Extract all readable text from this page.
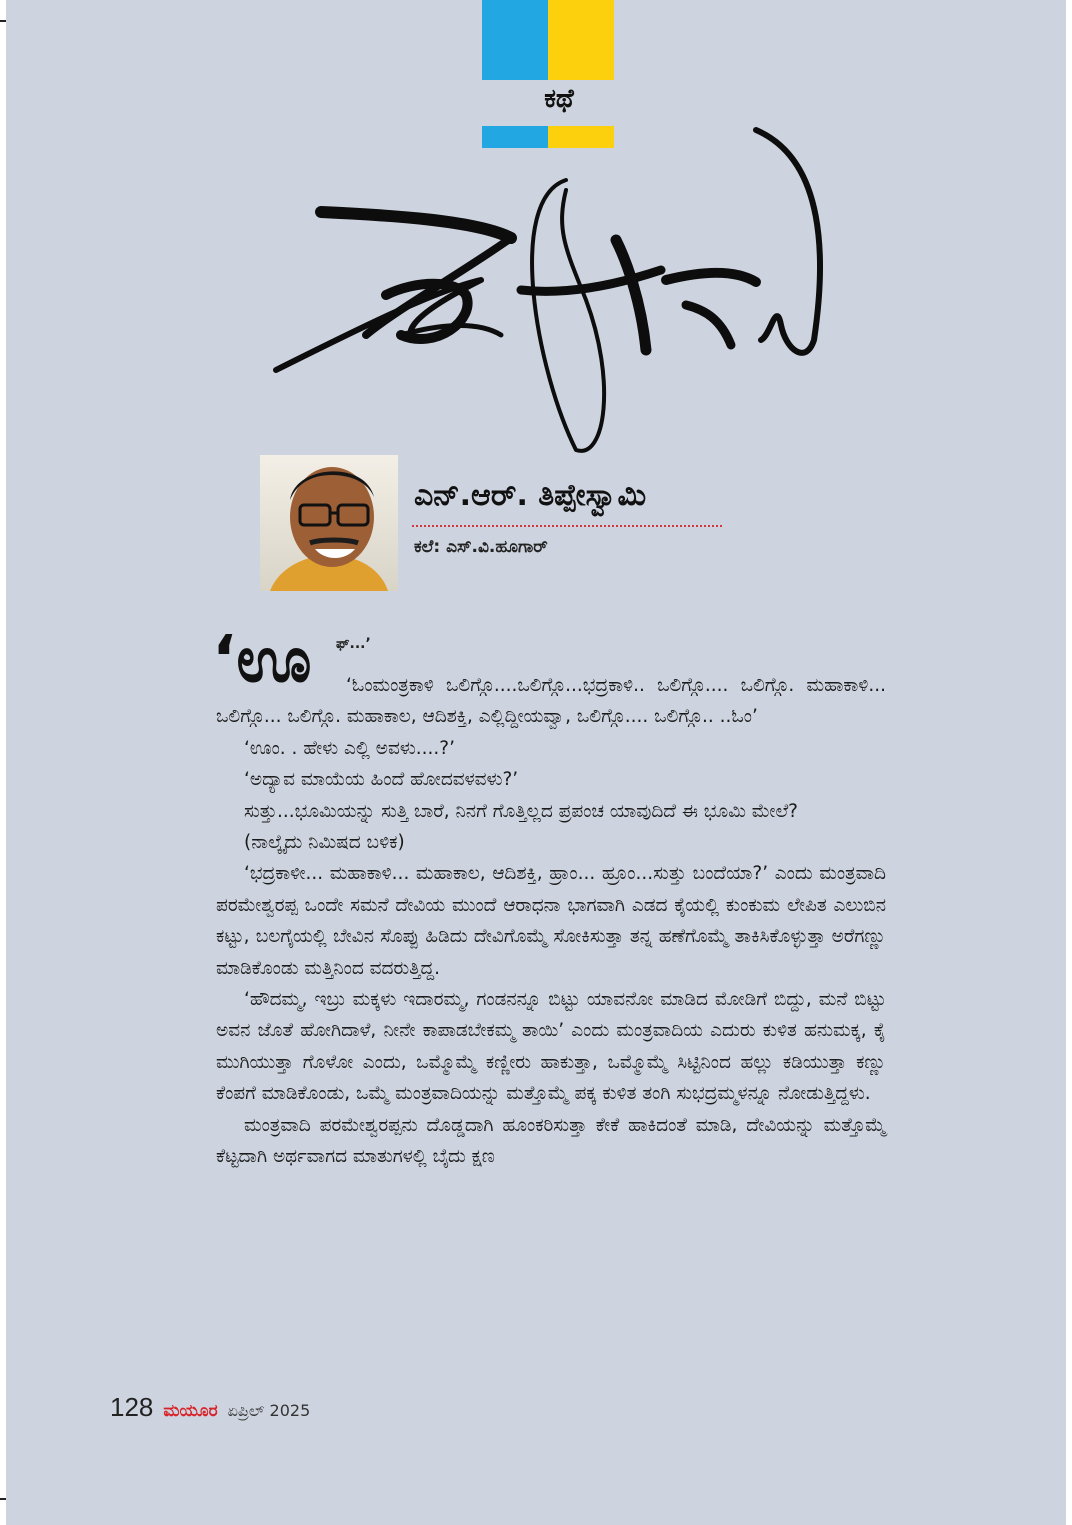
ಕಥೆ
ಎನ್‌.ಆರ್‌. ತಿಪ್ಪೇಸ್ವಾಮಿ
ಕಲೆ: ಎಸ್‌.ವಿ.ಹೂಗಾರ್
‘ಊ ಫ್‌...’

‘ಓಂಮಂತ್ರಕಾಳಿ ಒಲಿಗ್ಗೊ....ಒಲಿಗ್ಗೊ...ಭದ್ರಕಾಳಿ.. ಒಲಿಗ್ಗೊ.... ಒಲಿಗ್ಗೊ. ಮಹಾಕಾಳಿ... ಒಲಿಗ್ಗೊ... ಒಲಿಗ್ಗೊ. ಮಹಾಕಾಲ, ಆದಿಶಕ್ತಿ, ಎಲ್ಲಿದ್ದೀಯವ್ವಾ, ಒಲಿಗ್ಗೊ.... ಒಲಿಗ್ಗೊ.. ..ಓಂ’

‘ಊಂ. . ಹೇಳು ಎಲ್ಲಿ ಅವಳು....?’

‘ಅದ್ಯಾವ ಮಾಯೆಯ ಹಿಂದೆ ಹೋದವಳವಳು?’

ಸುತ್ತು...ಭೂಮಿಯನ್ನು ಸುತ್ತಿ ಬಾರೆ, ನಿನಗೆ ಗೊತ್ತಿಲ್ಲದ ಪ್ರಪಂಚ ಯಾವುದಿದೆ ಈ ಭೂಮಿ ಮೇಲೆ?

(ನಾಲ್ಕೈದು ನಿಮಿಷದ ಬಳಿಕ)

‘ಭದ್ರಕಾಳೀ... ಮಹಾಕಾಳಿ... ಮಹಾಕಾಲ, ಆದಿಶಕ್ತಿ, ಹ್ರಾಂ... ಹ್ರೂಂ...ಸುತ್ತು ಬಂದೆಯಾ?’ ಎಂದು ಮಂತ್ರವಾದಿ ಪರಮೇಶ್ವರಪ್ಪ ಒಂದೇ ಸಮನೆ ದೇವಿಯ ಮುಂದೆ ಆರಾಧನಾ ಭಾಗವಾಗಿ ಎಡದ ಕೈಯಲ್ಲಿ ಕುಂಕುಮ ಲೇಪಿತ ಎಲುಬಿನ ಕಟ್ಟು, ಬಲಗೈಯಲ್ಲಿ ಬೇವಿನ ಸೊಪ್ಪು ಹಿಡಿದು ದೇವಿಗೊಮ್ಮೆ ಸೋಕಿಸುತ್ತಾ ತನ್ನ ಹಣೆಗೊಮ್ಮೆ ತಾಕಿಸಿಕೊಳ್ಳುತ್ತಾ ಅರೆಗಣ್ಣು ಮಾಡಿಕೊಂಡು ಮತ್ತಿನಿಂದ ವದರುತ್ತಿದ್ದ.

‘ಹೌದಮ್ಮ, ಇಬ್ರು ಮಕ್ಕಳು ಇದಾರಮ್ಮ, ಗಂಡನನ್ನೂ ಬಿಟ್ಟು ಯಾವನೋ ಮಾಡಿದ ಮೋಡಿಗೆ ಬಿದ್ದು, ಮನೆ ಬಿಟ್ಟು ಅವನ ಜೊತೆ ಹೋಗಿದಾಳೆ, ನೀನೇ ಕಾಪಾಡಬೇಕಮ್ಮ ತಾಯಿ’ ಎಂದು ಮಂತ್ರವಾದಿಯ ಎದುರು ಕುಳಿತ ಹನುಮಕ್ಕ, ಕೈ ಮುಗಿಯುತ್ತಾ ಗೊಳೋ ಎಂದು, ಒಮ್ಮೊಮ್ಮೆ ಕಣ್ಣೀರು ಹಾಕುತ್ತಾ, ಒಮ್ಮೊಮ್ಮೆ ಸಿಟ್ಟಿನಿಂದ ಹಲ್ಲು ಕಡಿಯುತ್ತಾ ಕಣ್ಣು ಕೆಂಪಗೆ ಮಾಡಿಕೊಂಡು, ಒಮ್ಮೆ ಮಂತ್ರವಾದಿಯನ್ನು ಮತ್ತೊಮ್ಮೆ ಪಕ್ಕ ಕುಳಿತ ತಂಗಿ ಸುಭದ್ರಮ್ಮಳನ್ನೂ ನೋಡುತ್ತಿದ್ದಳು.

ಮಂತ್ರವಾದಿ ಪರಮೇಶ್ವರಪ್ಪನು ದೊಡ್ಡದಾಗಿ ಹೂಂಕರಿಸುತ್ತಾ ಕೇಕೆ ಹಾಕಿದಂತೆ ಮಾಡಿ, ದೇವಿಯನ್ನು ಮತ್ತೊಮ್ಮೆ ಕೆಟ್ಟದಾಗಿ ಅರ್ಥವಾಗದ ಮಾತುಗಳಲ್ಲಿ ಬೈದು ಕ್ಷಣ

128 ಮಯೂರ ಏಪ್ರಿಲ್‌ 2025
